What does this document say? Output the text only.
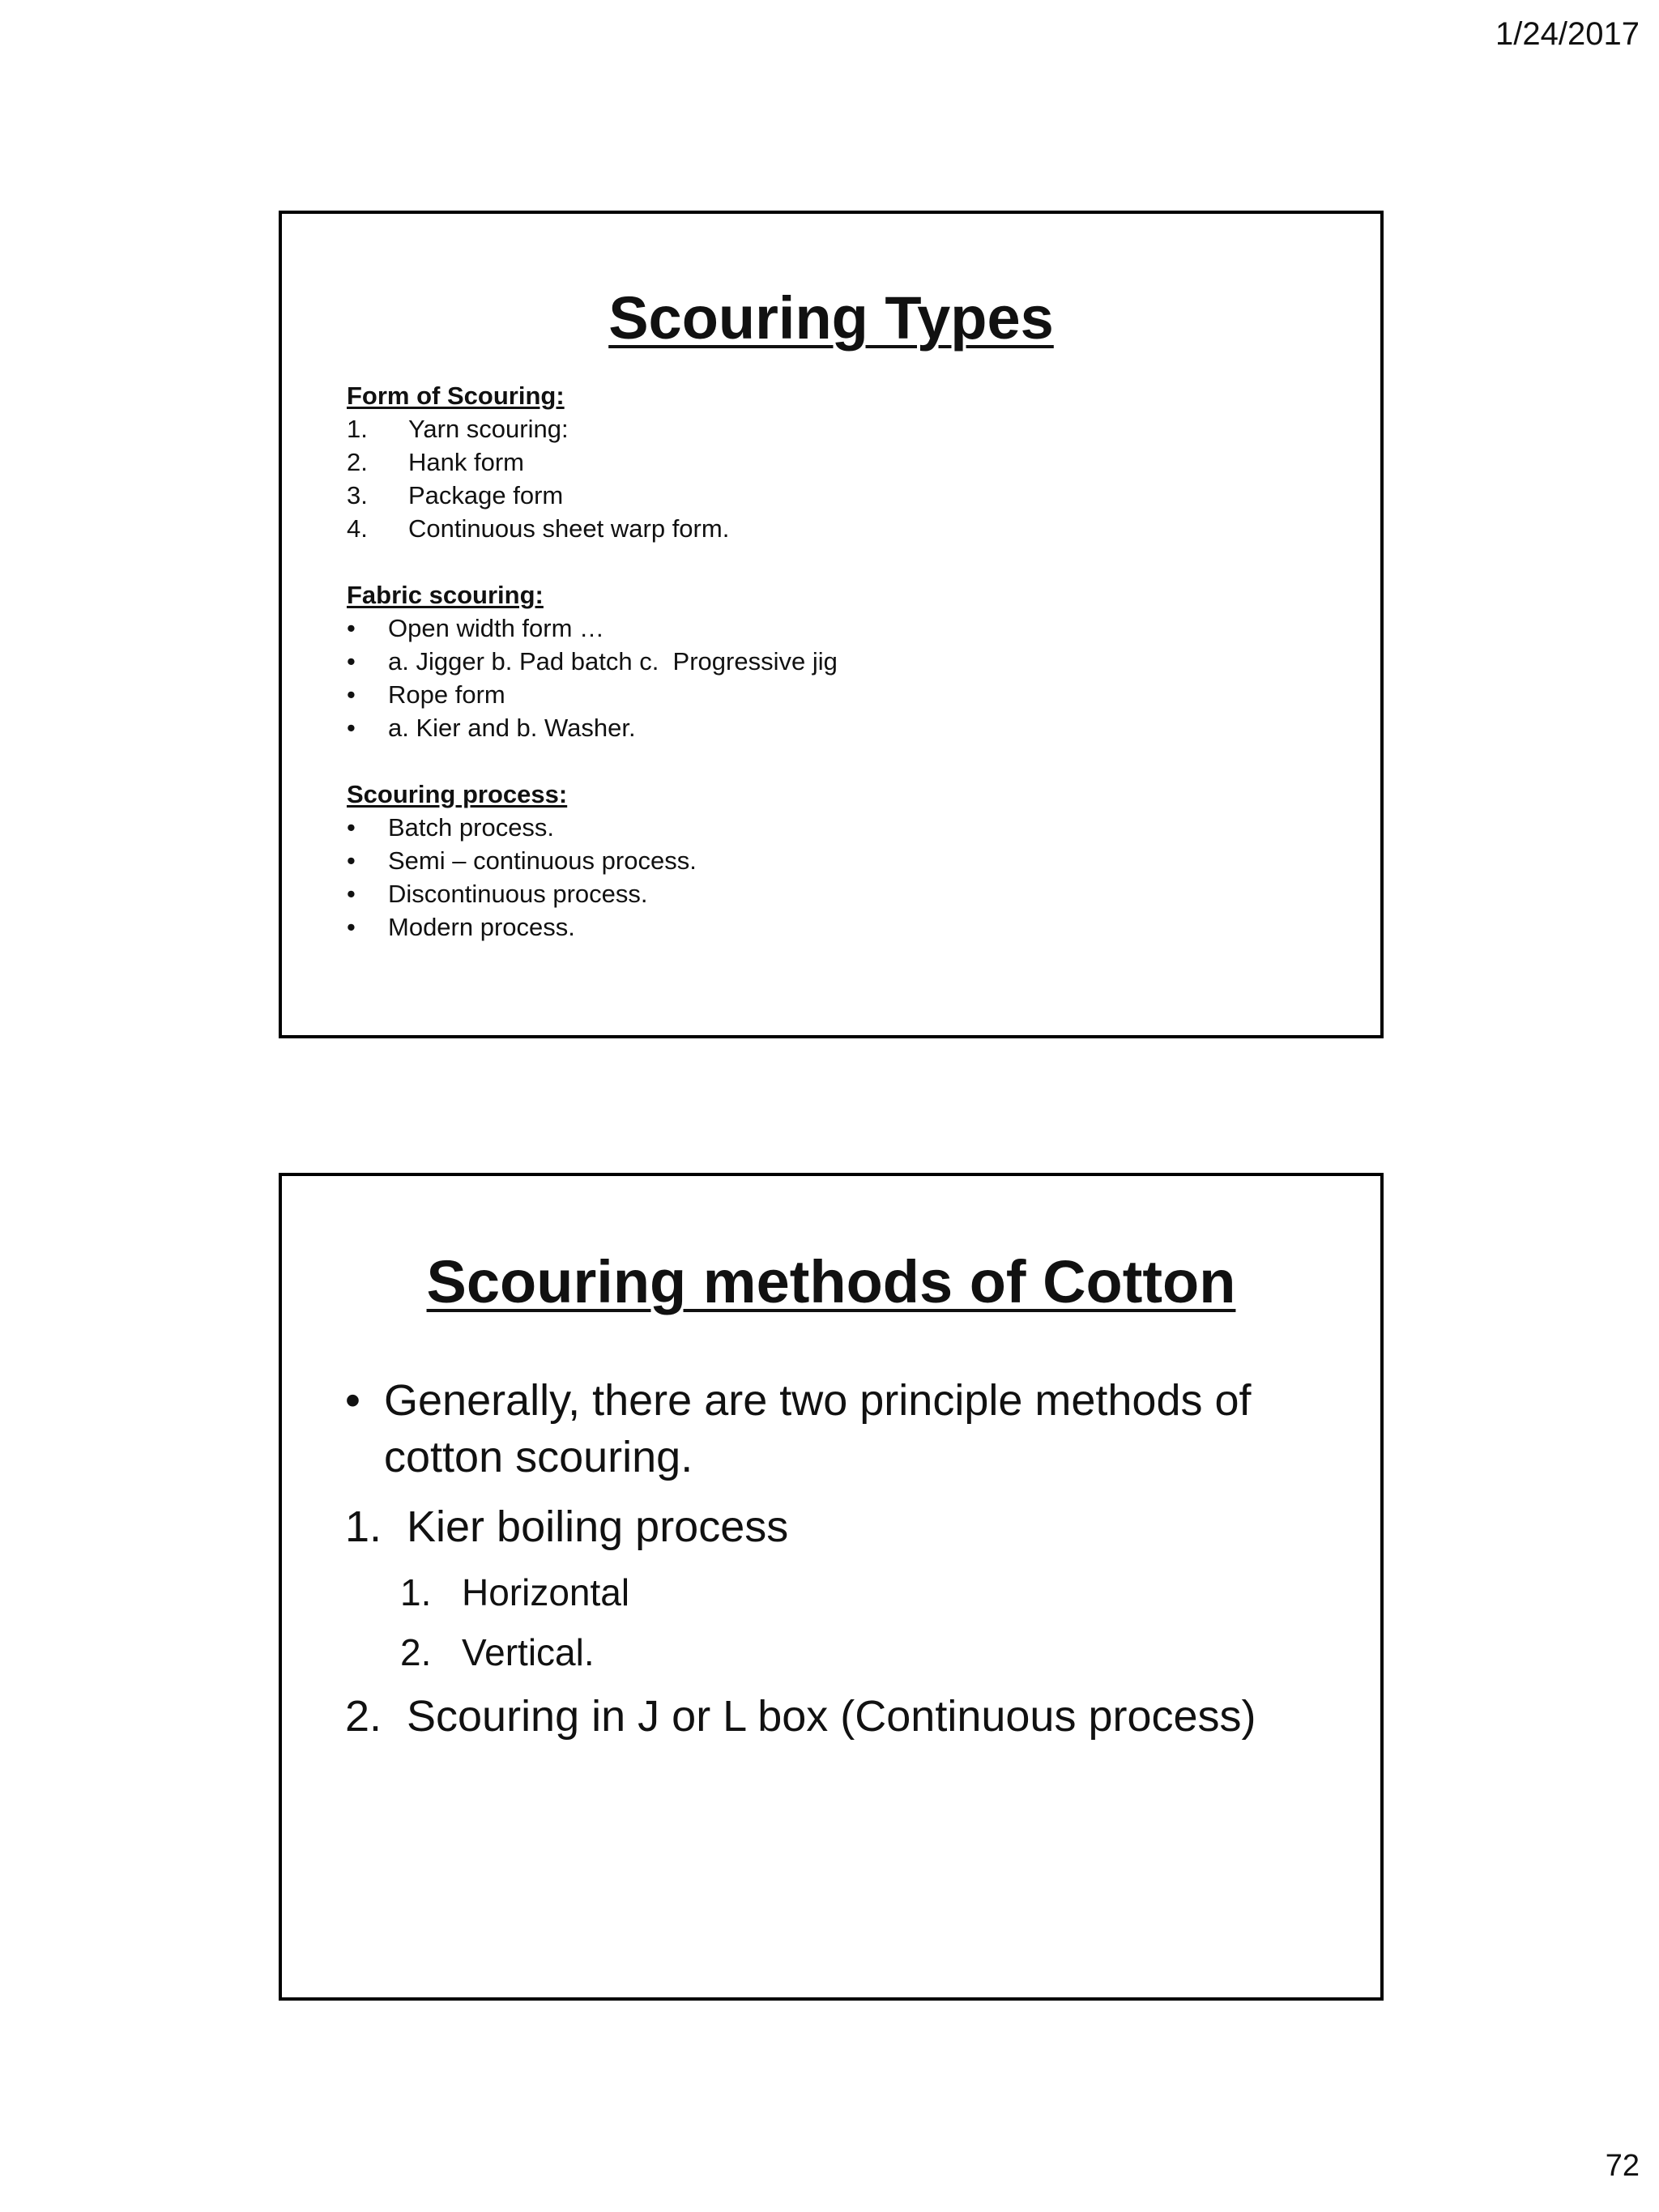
1/24/2017
Scouring Types
Form of Scouring:
1.	Yarn scouring:
2.	Hank form
3.	Package form
4.	Continuous sheet warp form.
Fabric scouring:
•	Open width form …
•	a. Jigger b. Pad batch c.  Progressive jig
•	Rope form
•	a. Kier and b. Washer.
Scouring process:
•	Batch process.
•	Semi – continuous process.
•	Discontinuous process.
•	Modern process.
Scouring methods of Cotton
• Generally, there are two principle methods of cotton scouring.
1. Kier boiling process
1. Horizontal
2. Vertical.
2. Scouring in J or L box (Continuous process)
72
